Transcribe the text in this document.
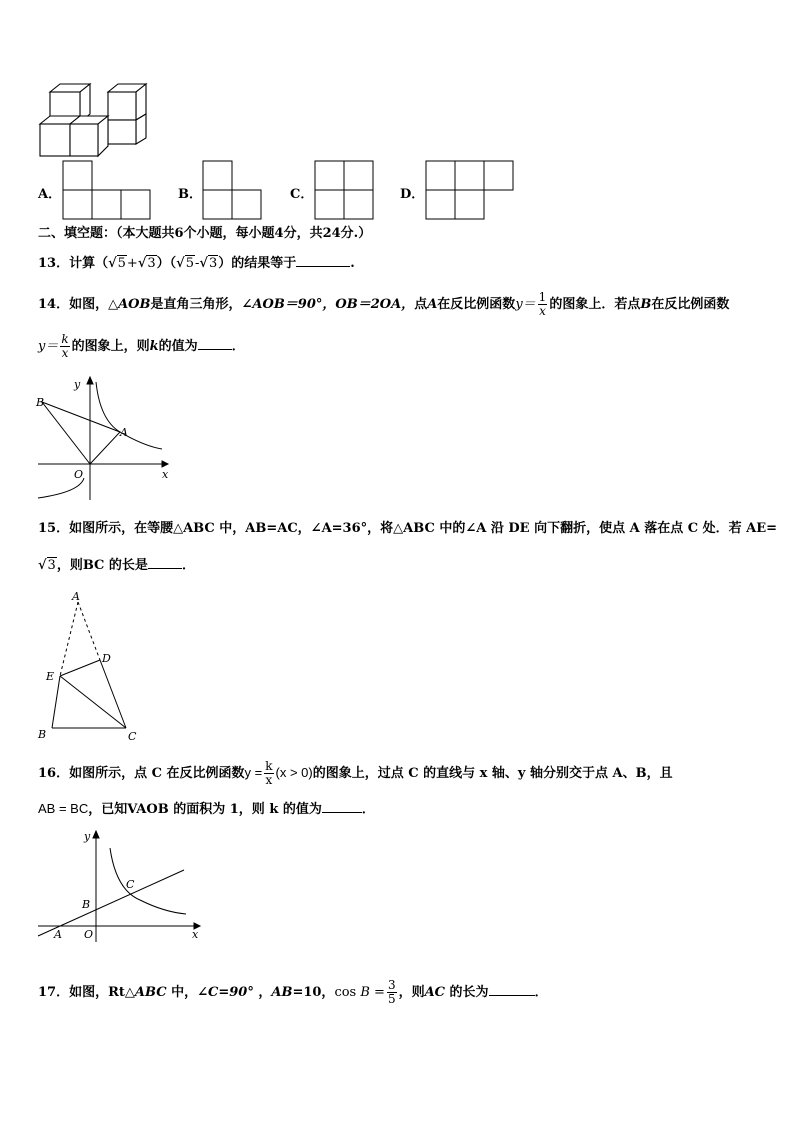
A．	B．	C．	D．
二、填空题：（本大题共6个小题，每小题4分，共24分.）
13．计算（√5+√3）（√5-√3）的结果等于	.
14．如图，△AOB是直角三角形，∠AOB＝90°，OB＝2OA，点A在反比例函数$y= \frac{1}{x}$ 的图象上．若点B在反比例函数
$y= \frac{k}{x}$ 的图象上，则k的值为	．
y
x
O
A
B
15．如图所示，在等腰△ABC 中，AB=AC，∠A=36°，将△ABC 中的∠A 沿 DE 向下翻折，使点 A 落在点 C 处．若 AE=
√3，则BC 的长是	．
A
B	C
D
E
16．如图所示，点 C 在反比例函数$y = \frac{k}{x} (x > 0)$的图象上，过点 C 的直线与 x 轴、y 轴分别交于点 A、B，且
AB = BC，已知VAOB 的面积为 1，则 k 的值为	．
y
x
O
A
B
C
17．如图，Rt△ABC 中，∠C=90° ，AB=10，$\cos B = \frac{3}{5}$ ，则AC 的长为	．
